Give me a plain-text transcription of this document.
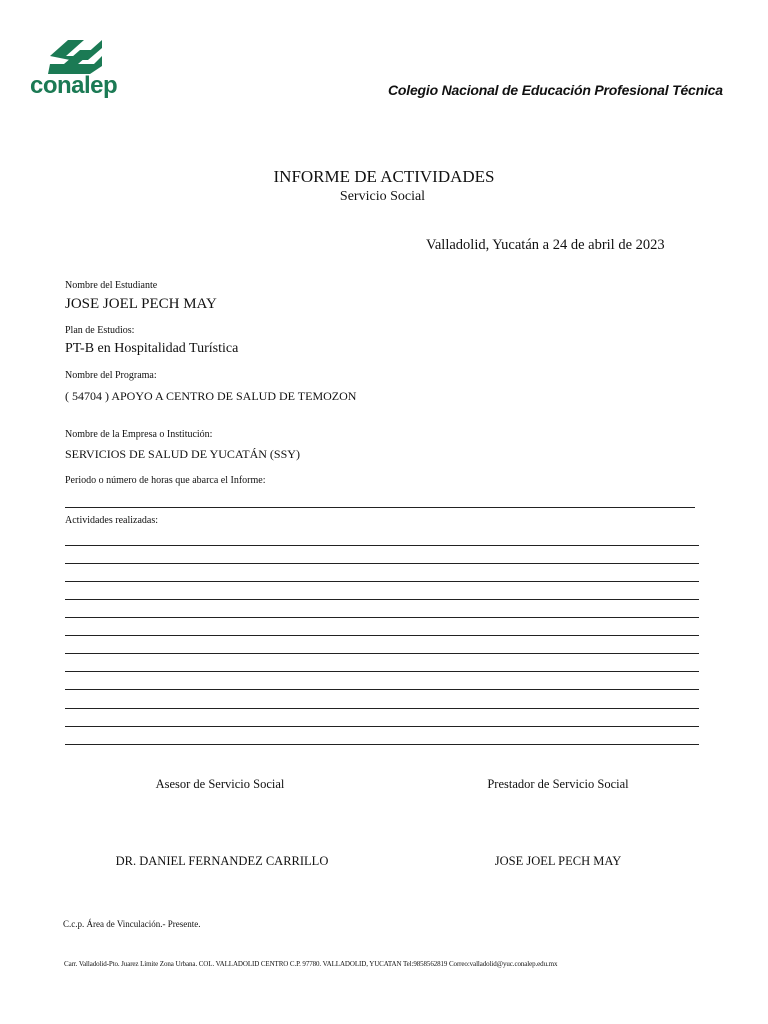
conalep	Colegio Nacional de Educación Profesional Técnica
INFORME DE ACTIVIDADES
Servicio Social
Valladolid, Yucatán a 24 de abril de 2023
Nombre del Estudiante
JOSE JOEL PECH MAY
Plan de Estudios:
PT-B en Hospitalidad Turística
Nombre del Programa:
( 54704 ) APOYO A CENTRO DE SALUD DE TEMOZON
Nombre de la Empresa o Institución:
SERVICIOS DE SALUD DE YUCATÁN (SSY)
Periodo o número de horas que abarca el Informe:
Actividades realizadas:
Asesor de Servicio Social	Prestador de Servicio Social
DR. DANIEL FERNANDEZ CARRILLO	JOSE JOEL PECH MAY
C.c.p. Área de Vinculación.- Presente.
Carr. Valladolid-Pto. Juarez Límite Zona Urbana. COL. VALLADOLID CENTRO C.P. 97780. VALLADOLID, YUCATAN Tel:9858562819 Correo:valladolid@yuc.conalep.edu.mx
